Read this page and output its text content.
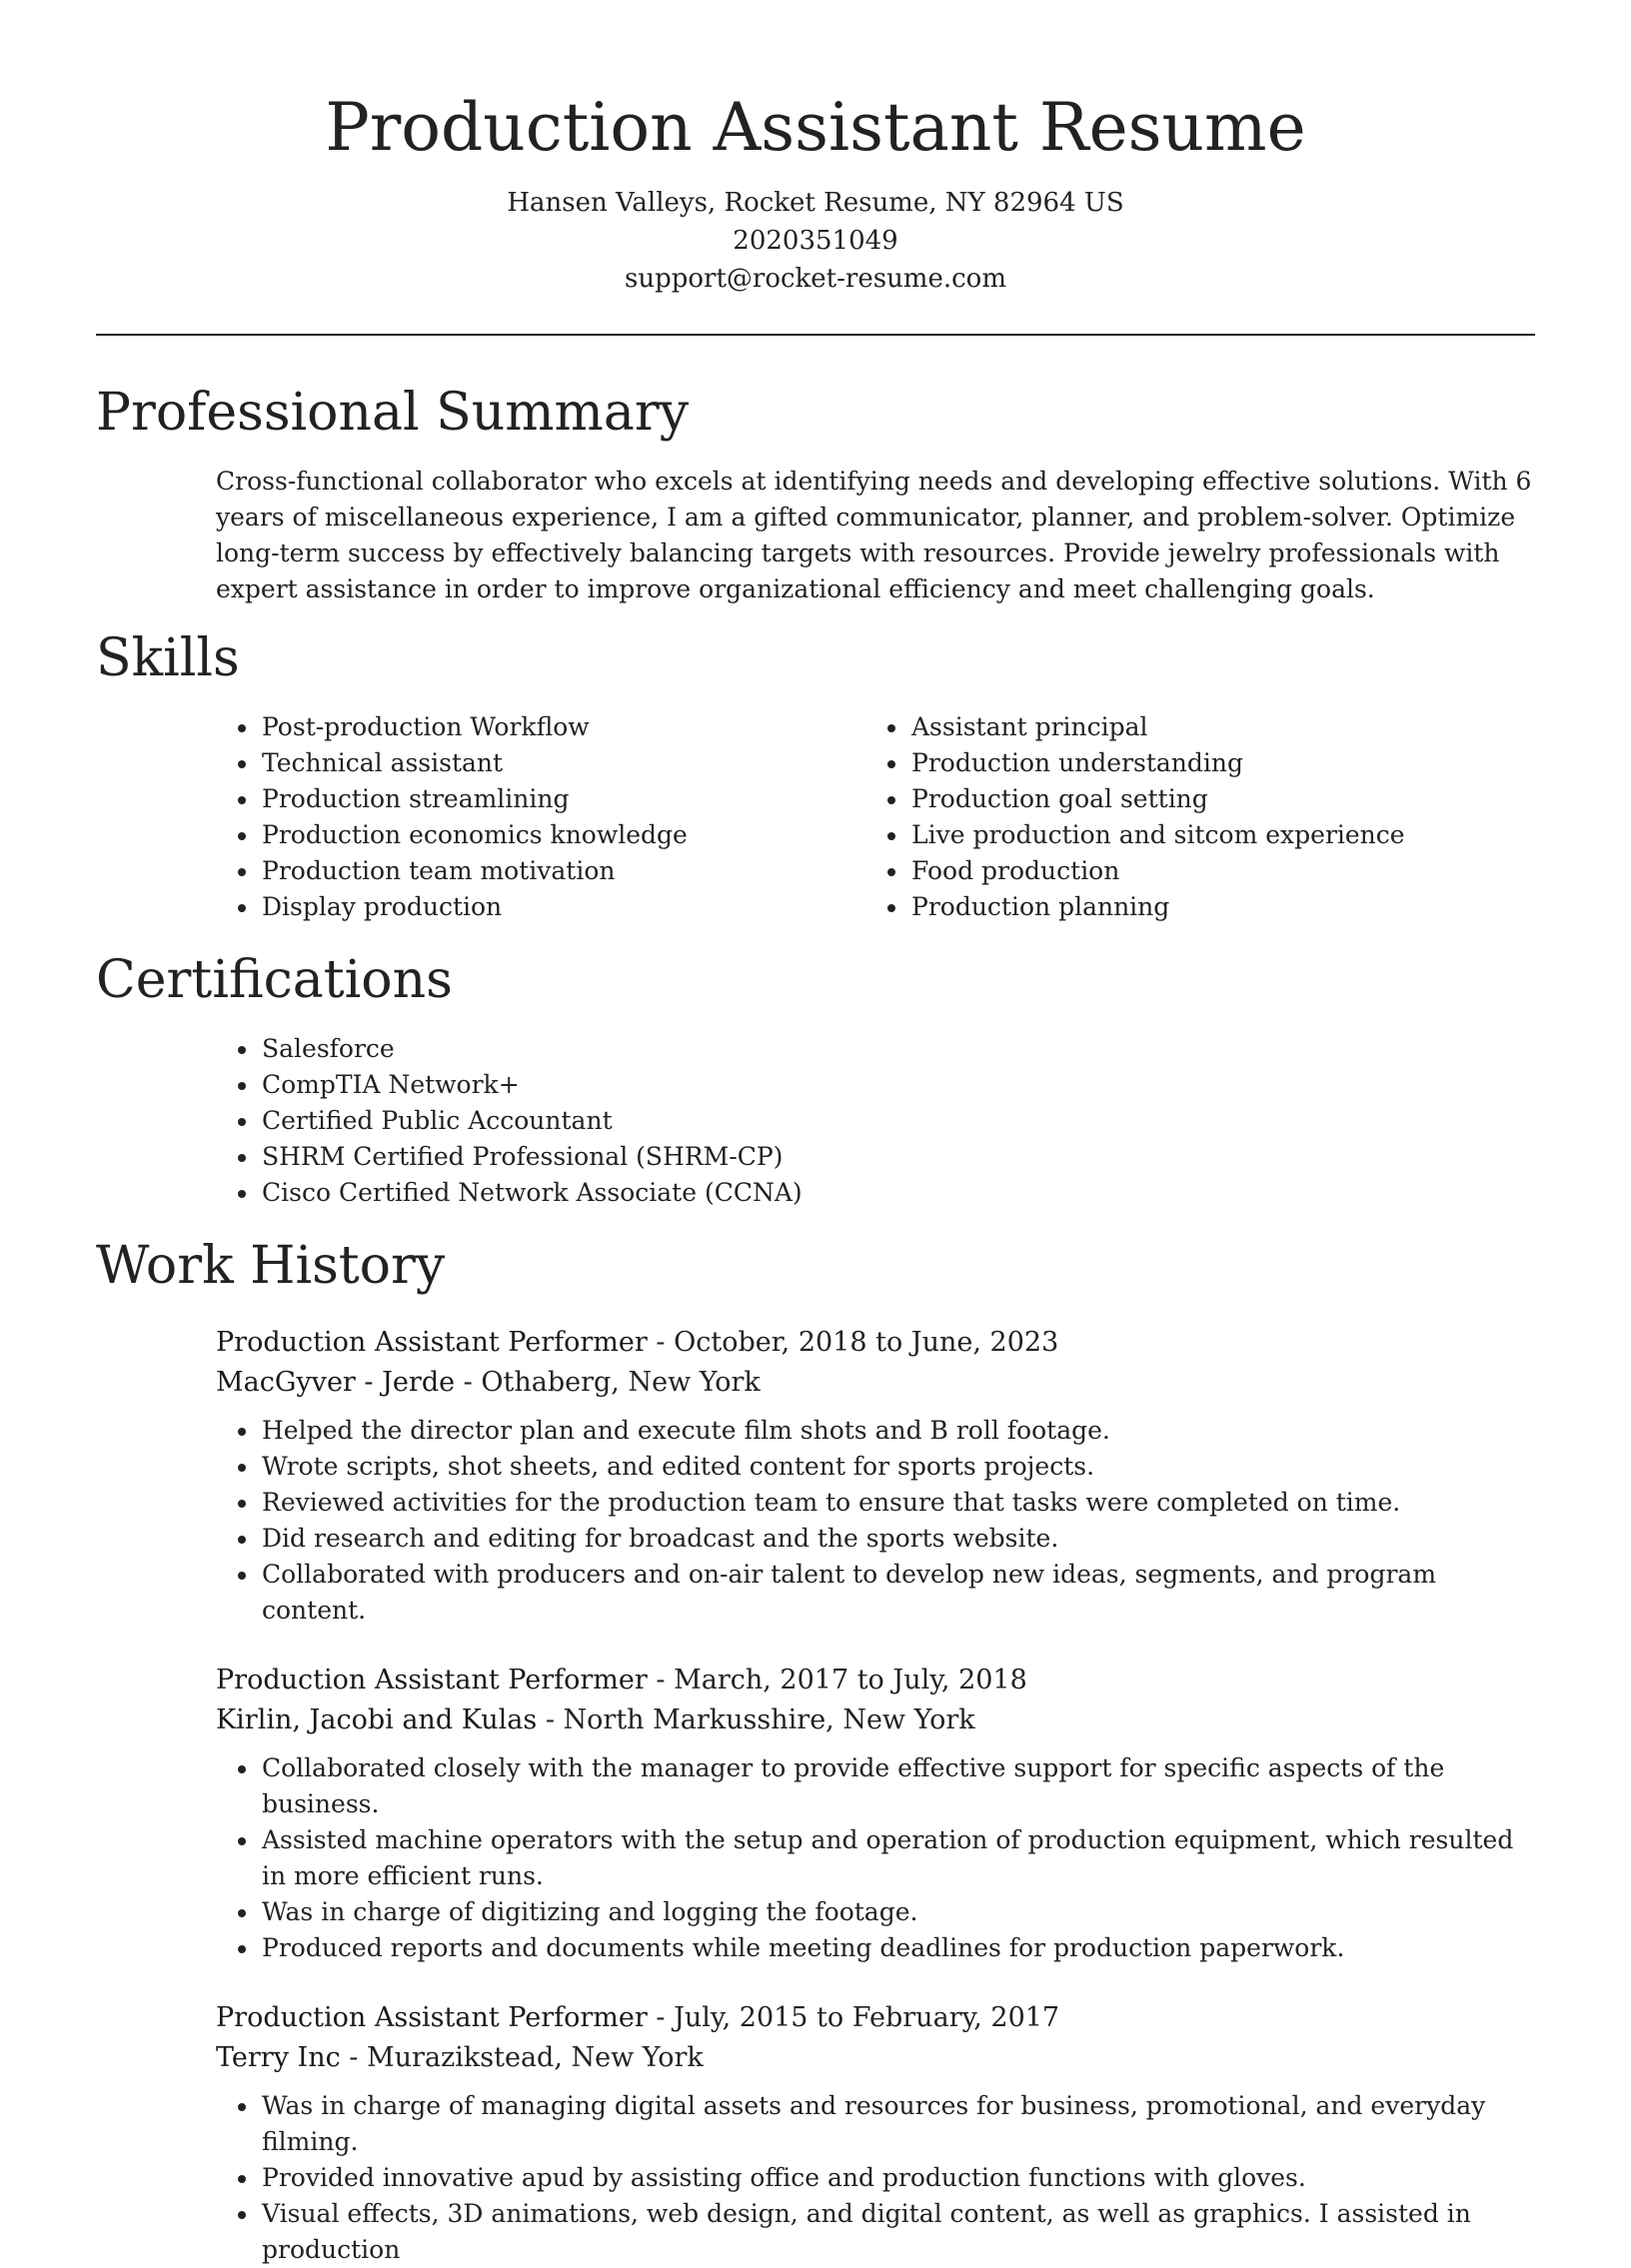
Production Assistant Resume
Hansen Valleys, Rocket Resume, NY 82964 US
2020351049
support@rocket-resume.com
Professional Summary

Cross-functional collaborator who excels at identifying needs and developing effective solutions. With 6 years of miscellaneous experience, I am a gifted communicator, planner, and problem-solver. Optimize long-term success by effectively balancing targets with resources. Provide jewelry professionals with expert assistance in order to improve organizational efficiency and meet challenging goals.

Skills
• Post-production Workflow
• Technical assistant
• Production streamlining
• Production economics knowledge
• Production team motivation
• Display production
• Assistant principal
• Production understanding
• Production goal setting
• Live production and sitcom experience
• Food production
• Production planning
Certifications
• Salesforce
• CompTIA Network+
• Certified Public Accountant
• SHRM Certified Professional (SHRM-CP)
• Cisco Certified Network Associate (CCNA)
Work History
Production Assistant Performer - October, 2018 to June, 2023
MacGyver - Jerde - Othaberg, New York
• Helped the director plan and execute film shots and B roll footage.
• Wrote scripts, shot sheets, and edited content for sports projects.
• Reviewed activities for the production team to ensure that tasks were completed on time.
• Did research and editing for broadcast and the sports website.
• Collaborated with producers and on-air talent to develop new ideas, segments, and program content.
Production Assistant Performer - March, 2017 to July, 2018
Kirlin, Jacobi and Kulas - North Markusshire, New York
• Collaborated closely with the manager to provide effective support for specific aspects of the business.
• Assisted machine operators with the setup and operation of production equipment, which resulted in more efficient runs.
• Was in charge of digitizing and logging the footage.
• Produced reports and documents while meeting deadlines for production paperwork.
Production Assistant Performer - July, 2015 to February, 2017
Terry Inc - Murazikstead, New York
• Was in charge of managing digital assets and resources for business, promotional, and everyday filming.
• Provided innovative apud by assisting office and production functions with gloves.
• Visual effects, 3D animations, web design, and digital content, as well as graphics. I assisted in production
